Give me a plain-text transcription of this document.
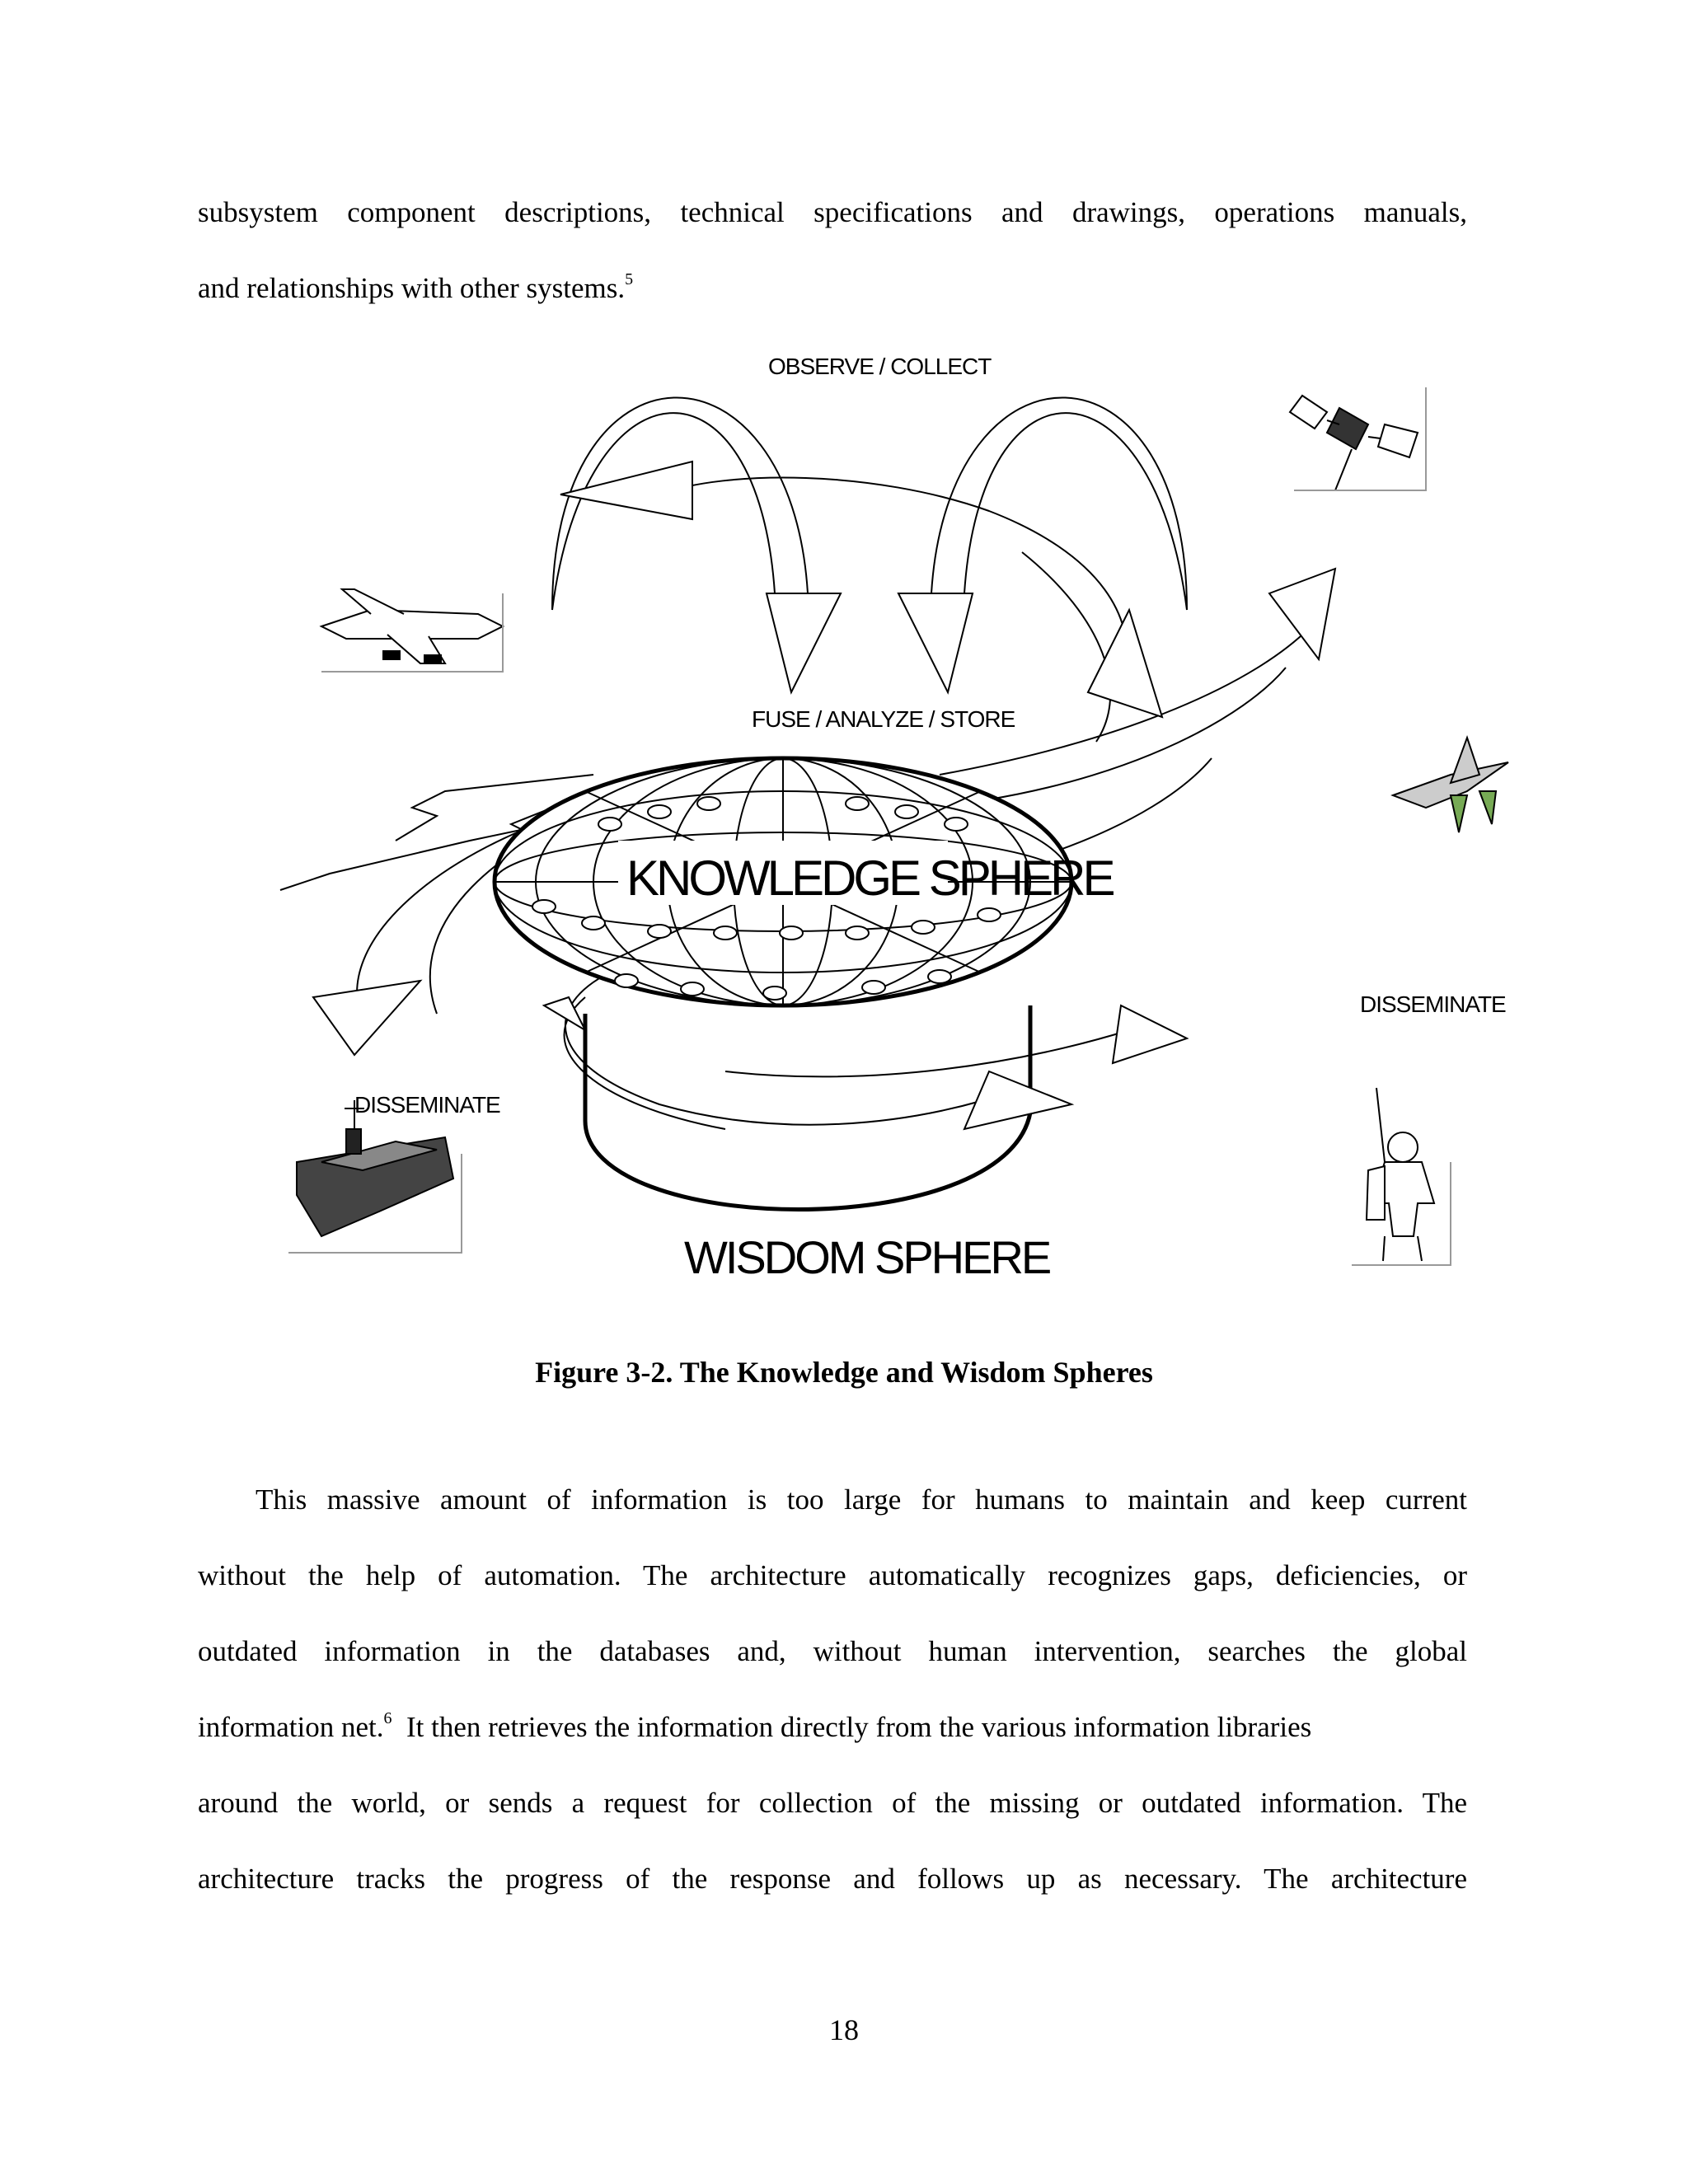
subsystem component descriptions, technical specifications and drawings, operations manuals,
and relationships with other systems.$^5$
OBSERVE / COLLECT
FUSE / ANALYZE / STORE
WISDOM SPHERE
KNOWLEDGE SPHERE
DISSEMINATE
DISSEMINATE
Figure 3-2. The Knowledge and Wisdom Spheres
This massive amount of information is too large for humans to maintain and keep current
without the help of automation. The architecture automatically recognizes gaps, deficiencies, or
outdated information in the databases and, without human intervention, searches the global
information net.$^6$  It then retrieves the information directly from the various information libraries
around the world, or sends a request for collection of the missing or outdated information. The
architecture tracks the progress of the response and follows up as necessary. The architecture
18
